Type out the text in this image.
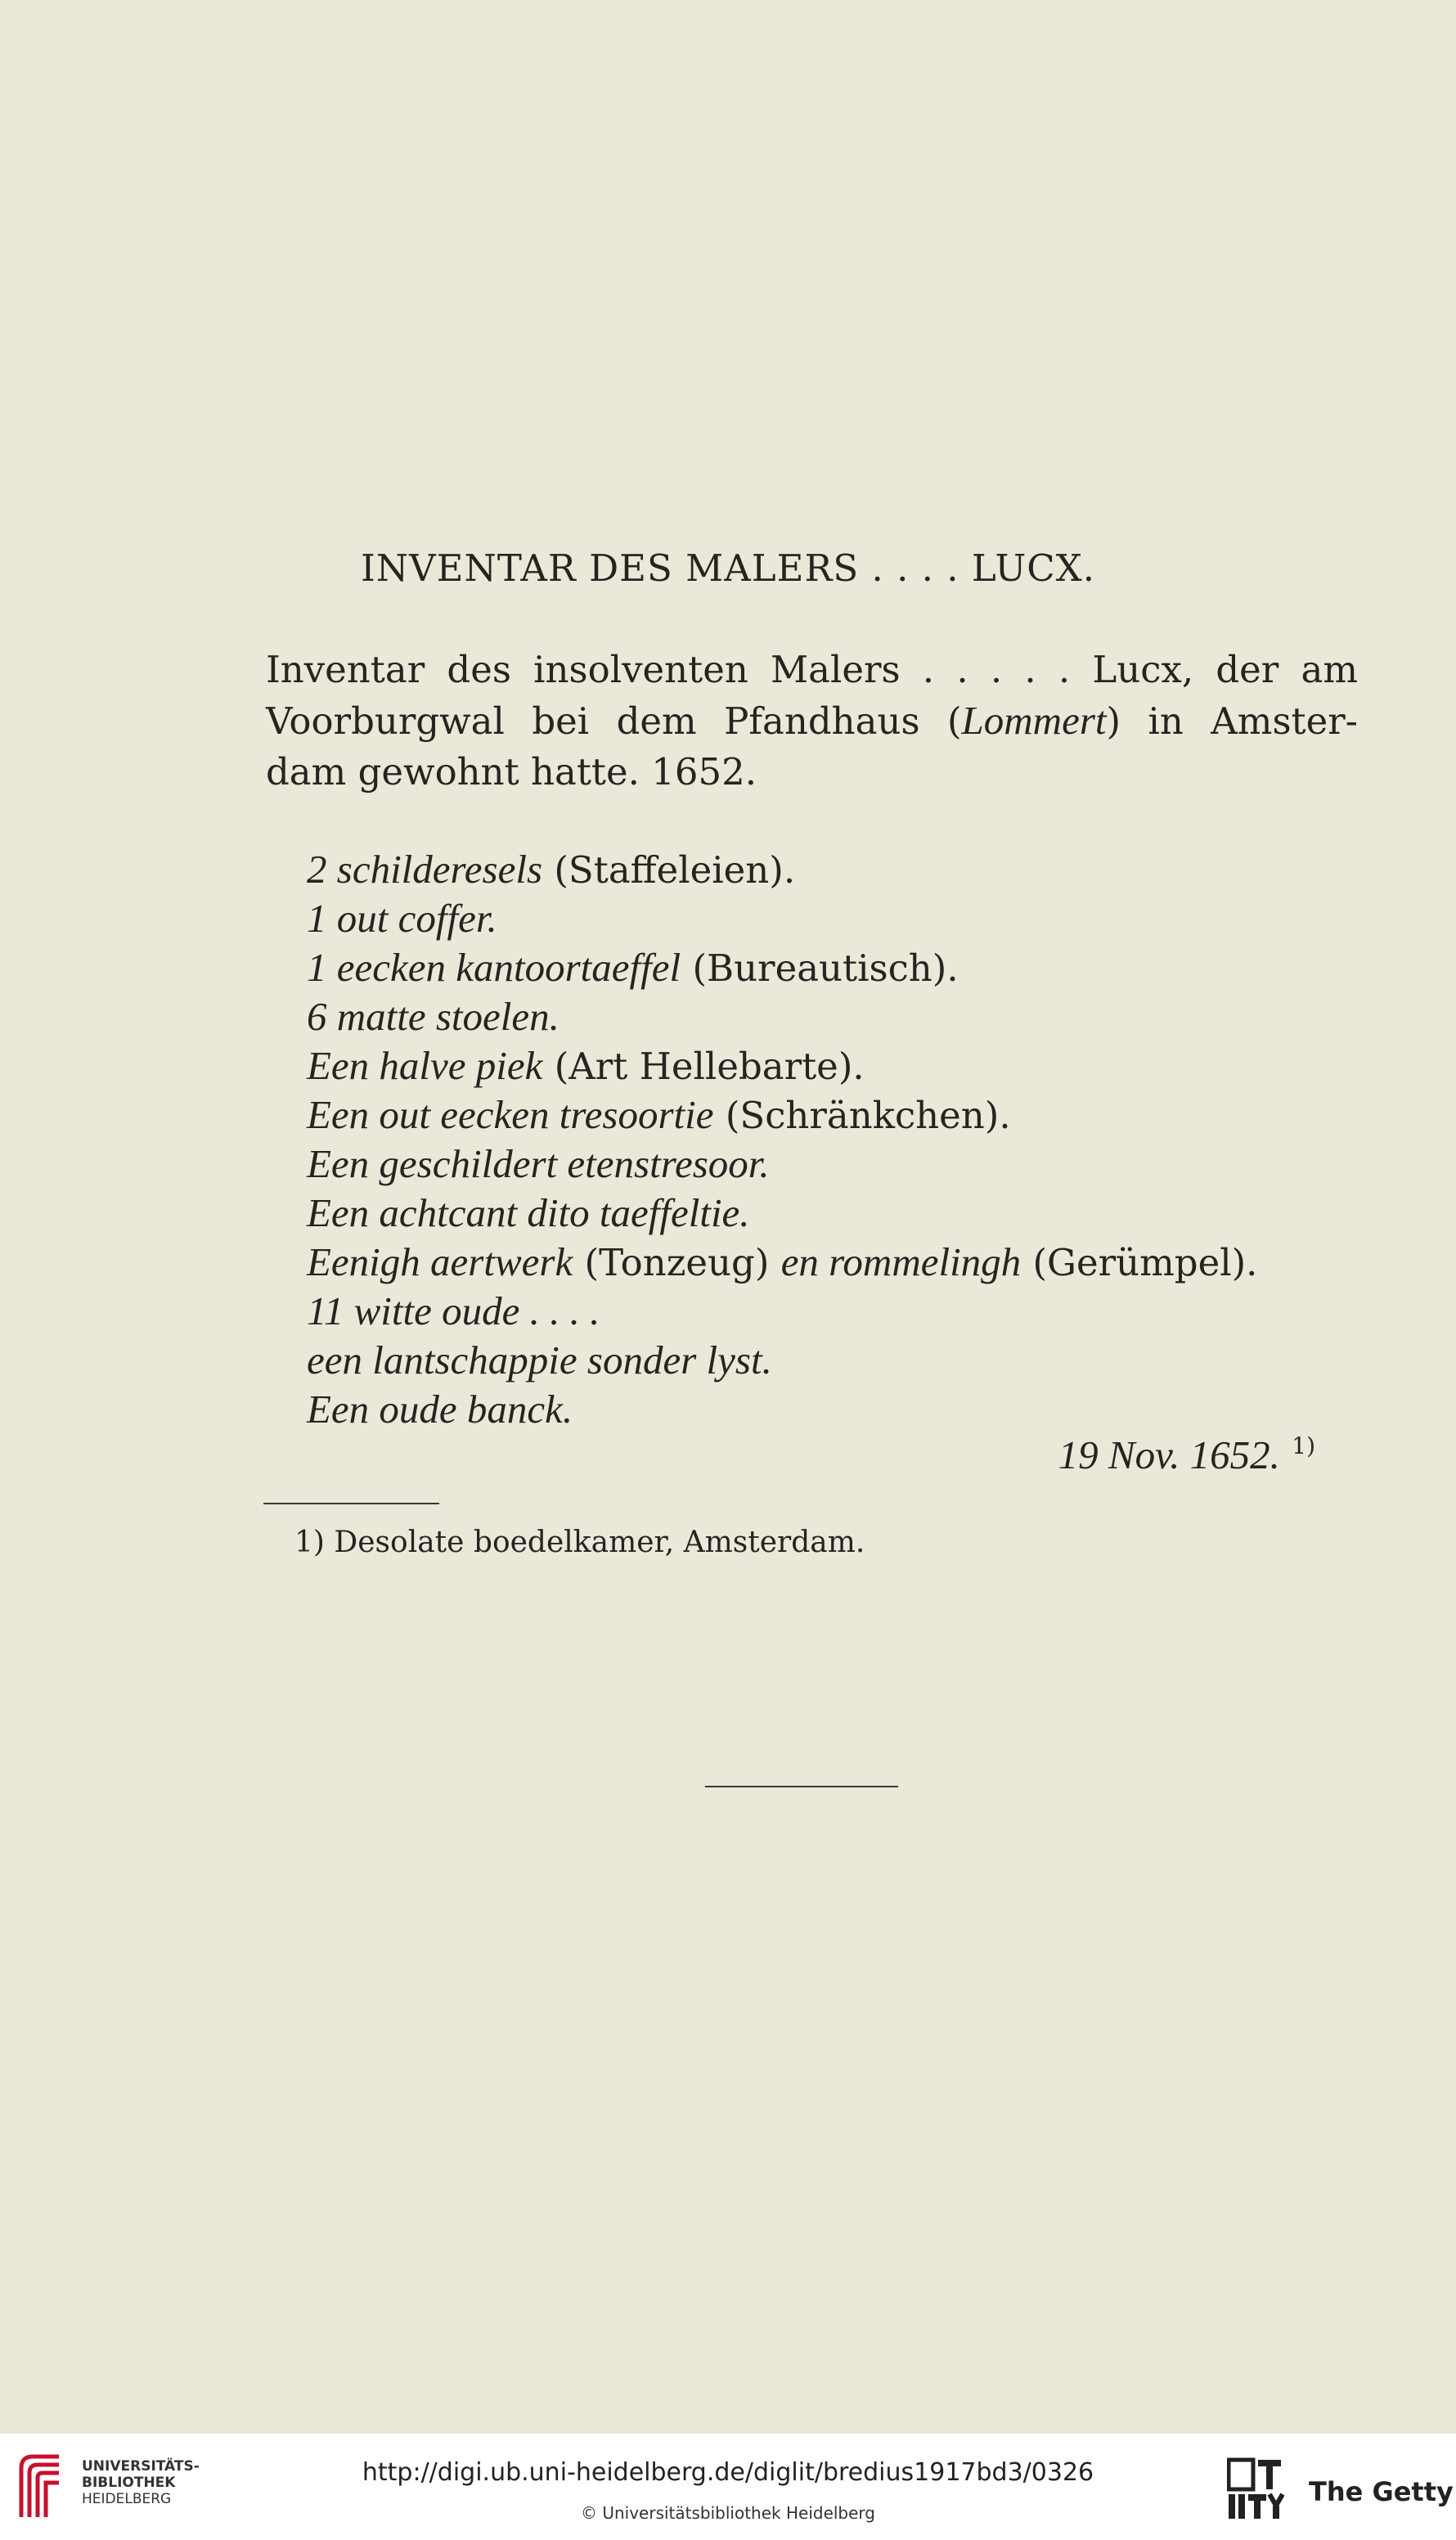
INVENTAR DES MALERS . . . . LUCX.
Inventar des insolventen Malers . . . . . Lucx, der am
Voorburgwal bei dem Pfandhaus (Lommert) in Amster-
dam gewohnt hatte. 1652.
2 schilderesels (Staffeleien).
1 out coffer.
1 eecken kantoortaeffel (Bureautisch).
6 matte stoelen.
Een halve piek (Art Hellebarte).
Een out eecken tresoortie (Schränkchen).
Een geschildert etenstresoor.
Een achtcant dito taeffeltie.
Eenigh aertwerk (Tonzeug) en rommelingh (Gerümpel).
11 witte oude . . . .
een lantschappie sonder lyst.
Een oude banck.
19 Nov. 1652. $^{1)}$
1) Desolate boedelkamer, Amsterdam.
UNIVERSITÄTS-
BIBLIOTHEK
HEIDELBERG
http://digi.ub.uni-heidelberg.de/diglit/bredius1917bd3/0326
© Universitätsbibliothek Heidelberg
The Getty
